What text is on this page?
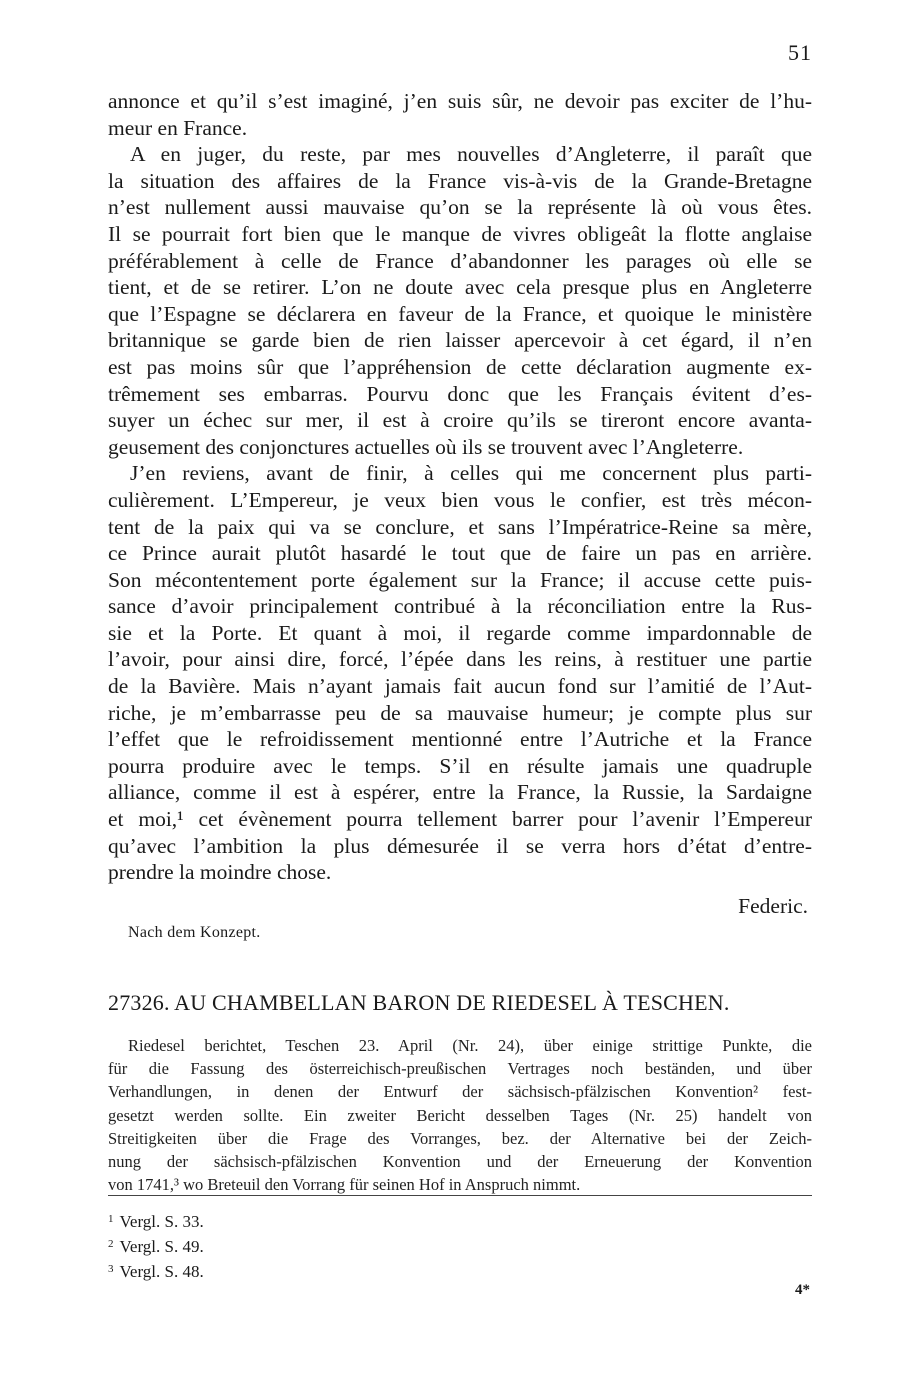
51
annonce et qu’il s’est imaginé, j’en suis sûr, ne devoir pas exciter de l’hu-
meur en France.
A en juger, du reste, par mes nouvelles d’Angleterre, il paraît que
la situation des affaires de la France vis-à-vis de la Grande-Bretagne
n’est nullement aussi mauvaise qu’on se la représente là où vous êtes.
Il se pourrait fort bien que le manque de vivres obligeât la flotte anglaise
préférablement à celle de France d’abandonner les parages où elle se
tient, et de se retirer. L’on ne doute avec cela presque plus en Angleterre
que l’Espagne se déclarera en faveur de la France, et quoique le ministère
britannique se garde bien de rien laisser apercevoir à cet égard, il n’en
est pas moins sûr que l’appréhension de cette déclaration augmente ex-
trêmement ses embarras. Pourvu donc que les Français évitent d’es-
suyer un échec sur mer, il est à croire qu’ils se tireront encore avanta-
geusement des conjonctures actuelles où ils se trouvent avec l’Angleterre.
J’en reviens, avant de finir, à celles qui me concernent plus parti-
culièrement. L’Empereur, je veux bien vous le confier, est très mécon-
tent de la paix qui va se conclure, et sans l’Impératrice-Reine sa mère,
ce Prince aurait plutôt hasardé le tout que de faire un pas en arrière.
Son mécontentement porte également sur la France; il accuse cette puis-
sance d’avoir principalement contribué à la réconciliation entre la Rus-
sie et la Porte. Et quant à moi, il regarde comme impardonnable de
l’avoir, pour ainsi dire, forcé, l’épée dans les reins, à restituer une partie
de la Bavière. Mais n’ayant jamais fait aucun fond sur l’amitié de l’Aut-
riche, je m’embarrasse peu de sa mauvaise humeur; je compte plus sur
l’effet que le refroidissement mentionné entre l’Autriche et la France
pourra produire avec le temps. S’il en résulte jamais une quadruple
alliance, comme il est à espérer, entre la France, la Russie, la Sardaigne
et moi,¹ cet évènement pourra tellement barrer pour l’avenir l’Empereur
qu’avec l’ambition la plus démesurée il se verra hors d’état d’entre-
prendre la moindre chose.
Federic.
Nach dem Konzept.
27326. AU CHAMBELLAN BARON DE RIEDESEL À TESCHEN.
Riedesel berichtet, Teschen 23. April (Nr. 24), über einige strittige Punkte, die
für die Fassung des österreichisch-preußischen Vertrages noch beständen, und über
Verhandlungen, in denen der Entwurf der sächsisch-pfälzischen Konvention² fest-
gesetzt werden sollte. Ein zweiter Bericht desselben Tages (Nr. 25) handelt von
Streitigkeiten über die Frage des Vorranges, bez. der Alternative bei der Zeich-
nung der sächsisch-pfälzischen Konvention und der Erneuerung der Konvention
von 1741,³ wo Breteuil den Vorrang für seinen Hof in Anspruch nimmt.
$^1$ Vergl. S. 33.
$^2$ Vergl. S. 49.
$^3$ Vergl. S. 48.
4*
